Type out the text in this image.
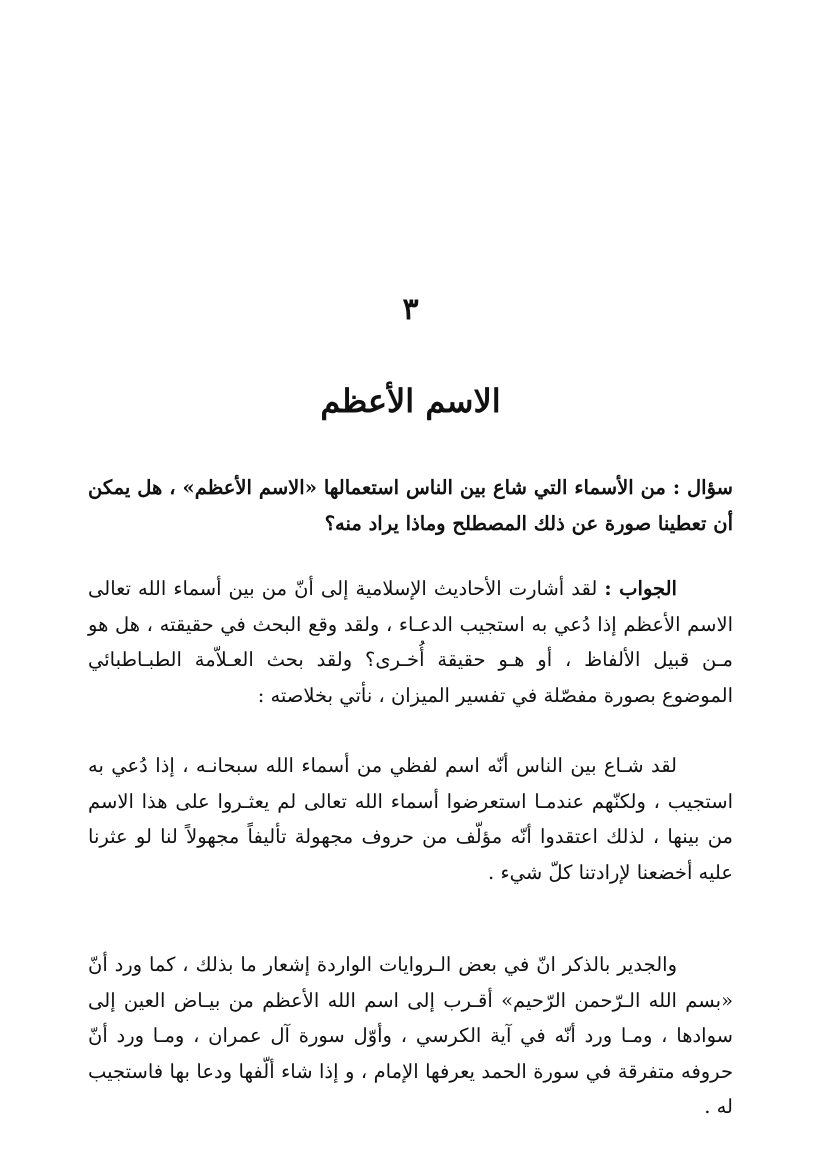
٣
الاسم الأعظم

سؤال : من الأسماء التي شاع بين الناس استعمالها «الاسم الأعظم» ، هل يمكن أن تعطينا صورة عن ذلك المصطلح وماذا يراد منه؟

الجواب : لقد أشارت الأحاديث الإسلامية إلى أنّ من بين أسماء الله تعالى الاسم الأعظم إذا دُعي به استجيب الدعـاء ، ولقد وقع البحث في حقيقته ، هل هو مـن قبيل الألفاظ ، أو هـو حقيقة أُخـرى؟ ولقد بحث العـلاّمة الطبـاطبائي الموضوع بصورة مفصّلة في تفسير الميزان ، نأتي بخلاصته :

لقد شـاع بين الناس أنّه اسم لفظي من أسماء الله سبحانـه ، إذا دُعي به استجيب ، ولكنّهم عندمـا استعرضوا أسماء الله تعالى لم يعثـروا على هذا الاسم من بينها ، لذلك اعتقدوا أنّه مؤلّف من حروف مجهولة تأليفاً مجهولاً لنا لو عثرنا عليه أخضعنا لإرادتنا كلّ شيء .

والجدير بالذكر انّ في بعض الـروايات الواردة إشعار ما بذلك ، كما ورد أنّ «بسم الله الـرّحمن الرّحيم» أقـرب إلى اسم الله الأعظم من بيـاض العين إلى سوادها ، ومـا ورد أنّه في آية الكرسي ، وأوّل سورة آل عمران ، ومـا ورد أنّ حروفه متفرقة في سورة الحمد يعرفها الإمام ، و إذا شاء ألّفها ودعا بها فاستجيب له .
